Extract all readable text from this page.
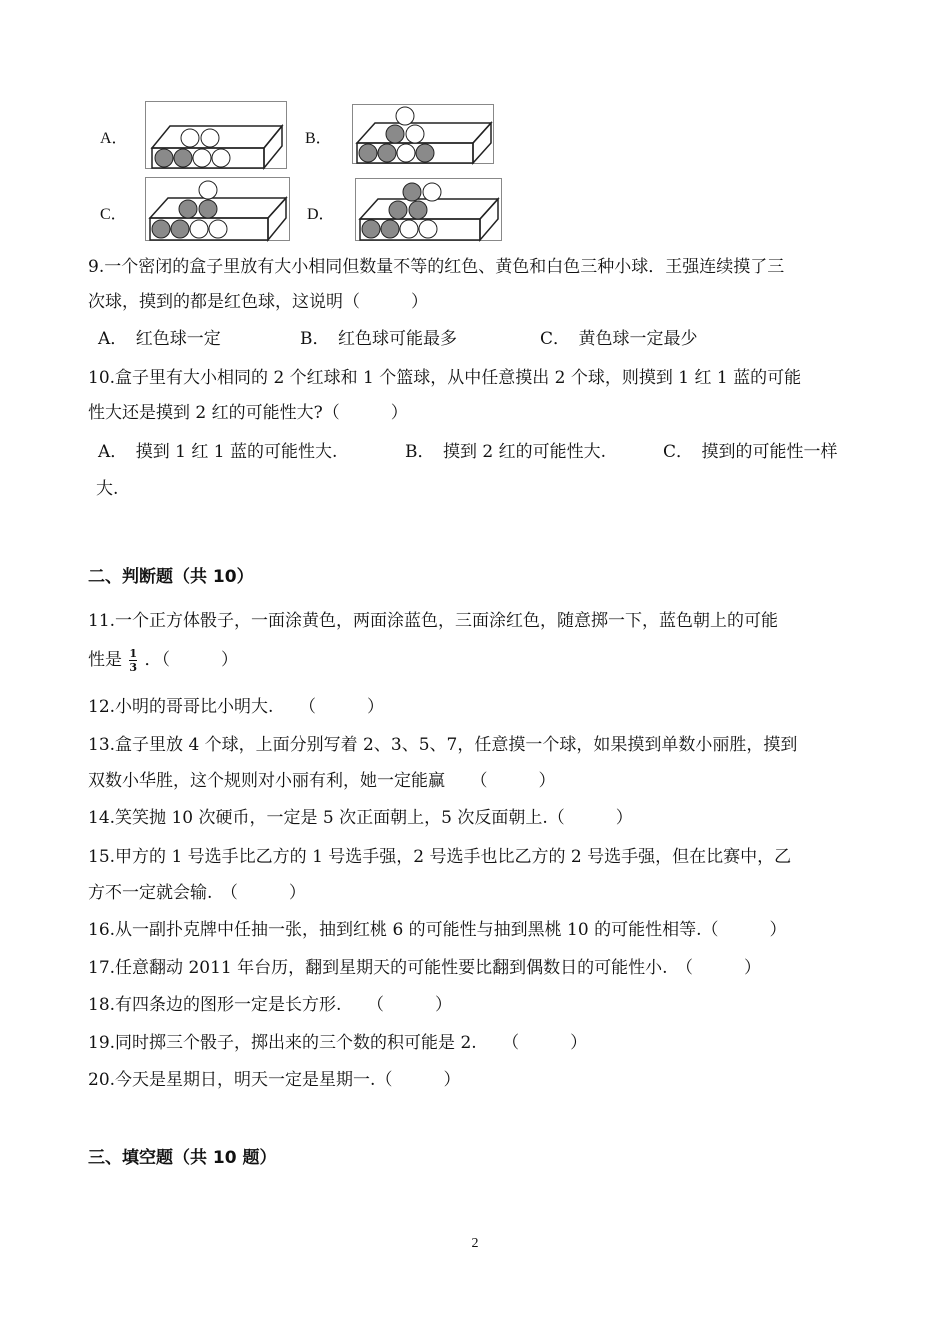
A．	B．
C．	D．
9.一个密闭的盒子里放有大小相同但数量不等的红色、黄色和白色三种小球．王强连续摸了三
次球，摸到的都是红色球，这说明（　　　）
A．　红色球一定	B．　红色球可能最多	C．　黄色球一定最少
10.盒子里有大小相同的 2 个红球和 1 个篮球，从中任意摸出 2 个球，则摸到 1 红 1 蓝的可能
性大还是摸到 2 红的可能性大?（　　　）
A．　摸到 1 红 1 蓝的可能性大.	B．　摸到 2 红的可能性大.	C．　摸到的可能性一样
大.
二、判断题（共 10）
11.一个正方体骰子，一面涂黄色，两面涂蓝色，三面涂红色，随意掷一下，蓝色朝上的可能
性是 $\frac{1}{3}$ ．（　　　）
12.小明的哥哥比小明大.　　（　　　）
13.盒子里放 4 个球，上面分别写着 2、3、5、7，任意摸一个球，如果摸到单数小丽胜，摸到
双数小华胜，这个规则对小丽有利，她一定能赢　　（　　　）
14.笑笑抛 10 次硬币，一定是 5 次正面朝上，5 次反面朝上.（　　　）
15.甲方的 1 号选手比乙方的 1 号选手强，2 号选手也比乙方的 2 号选手强，但在比赛中，乙
方不一定就会输.　（　　　）
16.从一副扑克牌中任抽一张，抽到红桃 6 的可能性与抽到黑桃 10 的可能性相等.（　　　）
17.任意翻动 2011 年台历，翻到星期天的可能性要比翻到偶数日的可能性小.　（　　　）
18.有四条边的图形一定是长方形.　　（　　　）
19.同时掷三个骰子，掷出来的三个数的积可能是 2.　　（　　　）
20.今天是星期日，明天一定是星期一.（　　　）
三、填空题（共 10 题）
2
